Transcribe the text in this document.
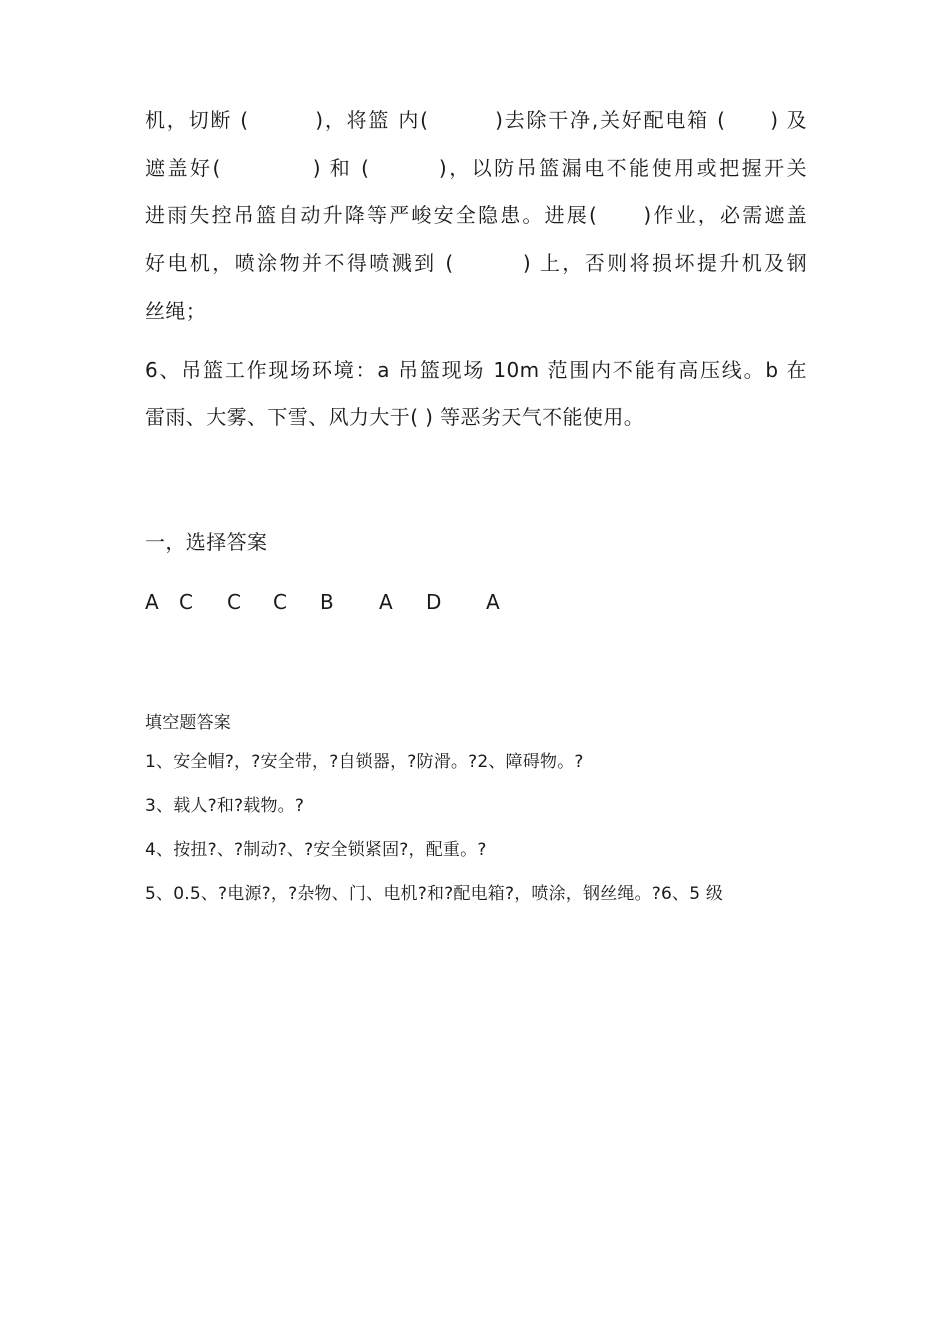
机，切断 (　　　)，将篮 内(　　　)去除干净,关好配电箱 (　　) 及
遮盖好(　　　　) 和 (　　　)，以防吊篮漏电不能使用或把握开关
进雨失控吊篮自动升降等严峻安全隐患。进展(　　)作业，必需遮盖
好电机，喷涂物并不得喷溅到 (　　　) 上，否则将损坏提升机及钢
丝绳；
6、吊篮工作现场环境：a 吊篮现场 10m 范围内不能有高压线。b 在
雷雨、大雾、下雪、风力大于( ) 等恶劣天气不能使用。
一，选择答案
A C C C B A D A
填空题答案
1、安全帽?，?安全带，?自锁器，?防滑。?2、障碍物。?
3、载人?和?载物。?
4、按扭?、?制动?、?安全锁紧固?，配重。?
5、0.5、?电源?，?杂物、门、电机?和?配电箱?，喷涂，钢丝绳。?6、5 级
